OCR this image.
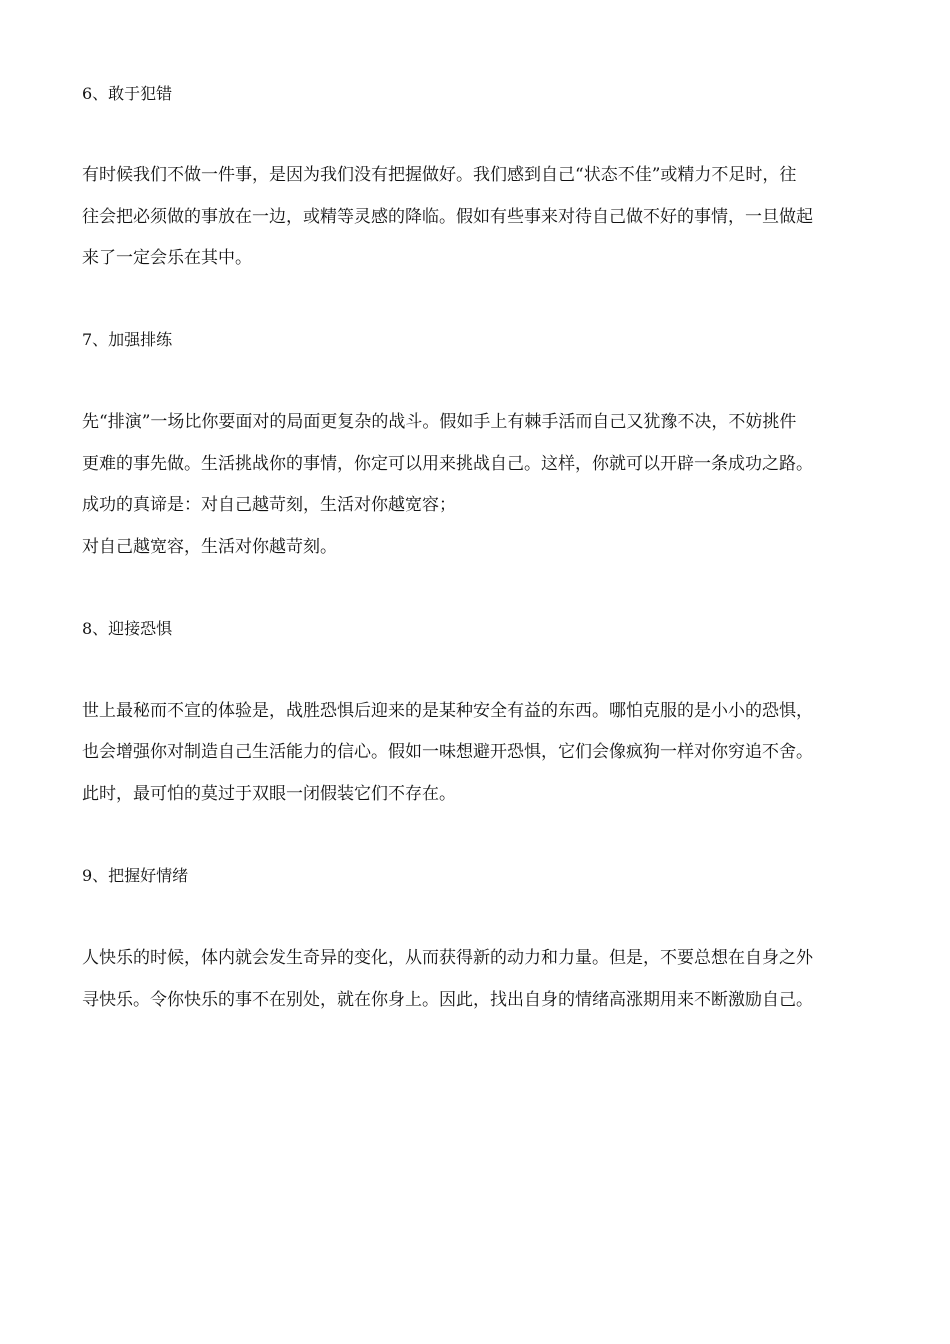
6、敢于犯错
有时候我们不做一件事，是因为我们没有把握做好。我们感到自己“状态不佳”或精力不足时，往
往会把必须做的事放在一边，或精等灵感的降临。假如有些事来对待自己做不好的事情，一旦做起
来了一定会乐在其中。
7、加强排练
先“排演”一场比你要面对的局面更复杂的战斗。假如手上有棘手活而自己又犹豫不决，不妨挑件
更难的事先做。生活挑战你的事情，你定可以用来挑战自己。这样，你就可以开辟一条成功之路。
成功的真谛是：对自己越苛刻，生活对你越宽容；
对自己越宽容，生活对你越苛刻。
8、迎接恐惧
世上最秘而不宣的体验是，战胜恐惧后迎来的是某种安全有益的东西。哪怕克服的是小小的恐惧，
也会增强你对制造自己生活能力的信心。假如一味想避开恐惧，它们会像疯狗一样对你穷追不舍。
此时，最可怕的莫过于双眼一闭假装它们不存在。
9、把握好情绪
人快乐的时候，体内就会发生奇异的变化，从而获得新的动力和力量。但是，不要总想在自身之外
寻快乐。令你快乐的事不在别处，就在你身上。因此，找出自身的情绪高涨期用来不断激励自己。
